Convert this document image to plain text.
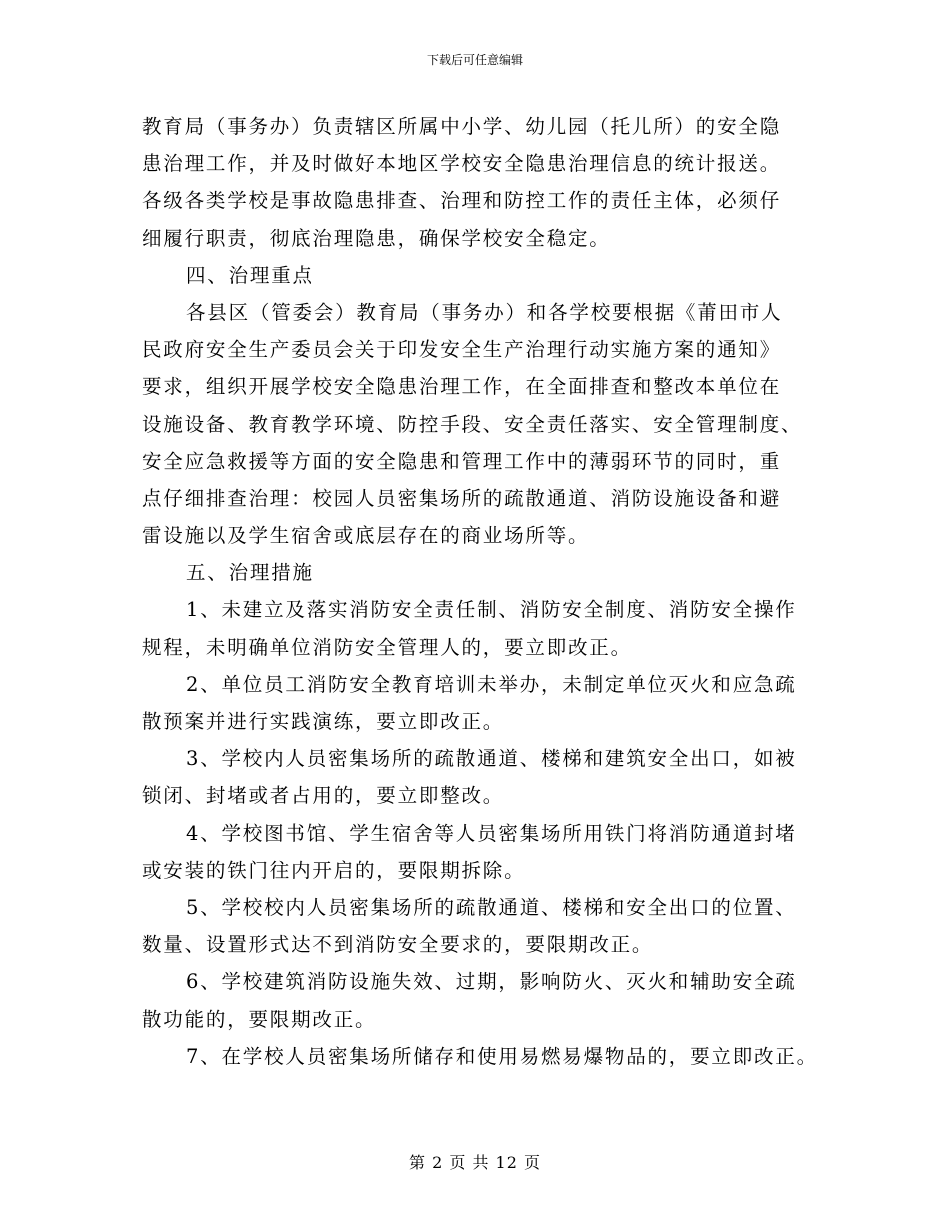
下载后可任意编辑
教育局（事务办）负责辖区所属中小学、幼儿园（托儿所）的安全隐
患治理工作，并及时做好本地区学校安全隐患治理信息的统计报送。
各级各类学校是事故隐患排查、治理和防控工作的责任主体，必须仔
细履行职责，彻底治理隐患，确保学校安全稳定。
四、治理重点
各县区（管委会）教育局（事务办）和各学校要根据《莆田市人
民政府安全生产委员会关于印发安全生产治理行动实施方案的通知》
要求，组织开展学校安全隐患治理工作，在全面排查和整改本单位在
设施设备、教育教学环境、防控手段、安全责任落实、安全管理制度、
安全应急救援等方面的安全隐患和管理工作中的薄弱环节的同时，重
点仔细排查治理：校园人员密集场所的疏散通道、消防设施设备和避
雷设施以及学生宿舍或底层存在的商业场所等。
五、治理措施
1、未建立及落实消防安全责任制、消防安全制度、消防安全操作
规程，未明确单位消防安全管理人的，要立即改正。
2、单位员工消防安全教育培训未举办，未制定单位灭火和应急疏
散预案并进行实践演练，要立即改正。
3、学校内人员密集场所的疏散通道、楼梯和建筑安全出口，如被
锁闭、封堵或者占用的，要立即整改。
4、学校图书馆、学生宿舍等人员密集场所用铁门将消防通道封堵
或安装的铁门往内开启的，要限期拆除。
5、学校校内人员密集场所的疏散通道、楼梯和安全出口的位置、
数量、设置形式达不到消防安全要求的，要限期改正。
6、学校建筑消防设施失效、过期，影响防火、灭火和辅助安全疏
散功能的，要限期改正。
7、在学校人员密集场所储存和使用易燃易爆物品的，要立即改正。
第 2 页 共 12 页
